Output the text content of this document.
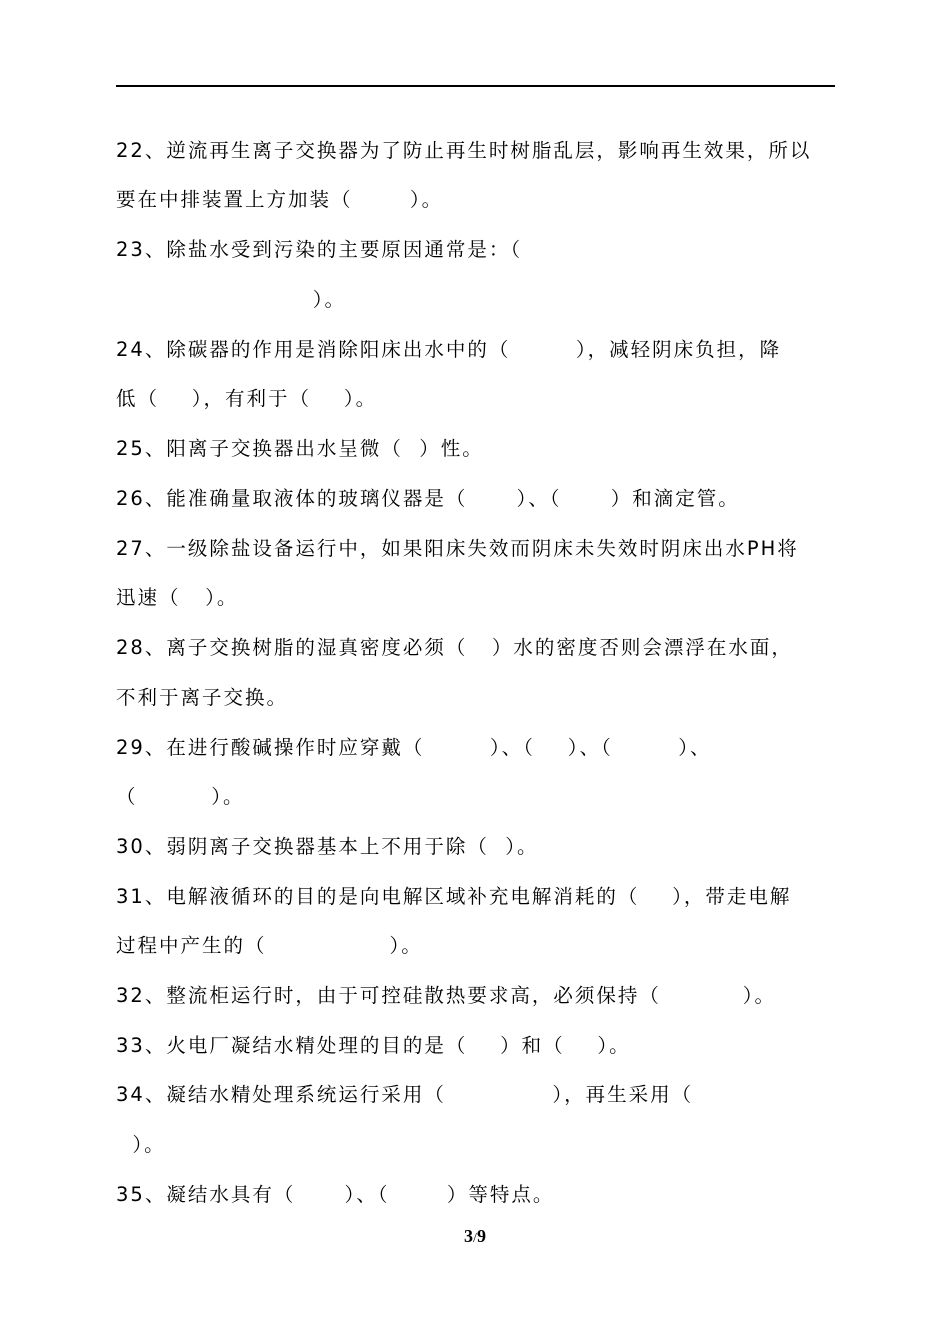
22、逆流再生离子交换器为了防止再生时树脂乱层，影响再生效果，所以
要在中排装置上方加装（       ）。
23、除盐水受到污染的主要原因通常是：（
）。
24、除碳器的作用是消除阳床出水中的（        ），减轻阴床负担，降
低（    ），有利于（    ）。
25、阳离子交换器出水呈微（  ）性。
26、能准确量取液体的玻璃仪器是（      ）、（      ）和滴定管。
27、一级除盐设备运行中，如果阳床失效而阴床未失效时阴床出水PH将
迅速（   ）。
28、离子交换树脂的湿真密度必须（   ）水的密度否则会漂浮在水面，
不利于离子交换。
29、在进行酸碱操作时应穿戴（        ）、（    ）、（        ）、
（         ）。
30、弱阴离子交换器基本上不用于除（  ）。
31、电解液循环的目的是向电解区域补充电解消耗的（    ），带走电解
过程中产生的（               ）。
32、整流柜运行时，由于可控硅散热要求高，必须保持（          ）。
33、火电厂凝结水精处理的目的是（    ）和（    ）。
34、凝结水精处理系统运行采用（             ），再生采用（
）。
35、凝结水具有（      ）、（       ）等特点。
3/9
